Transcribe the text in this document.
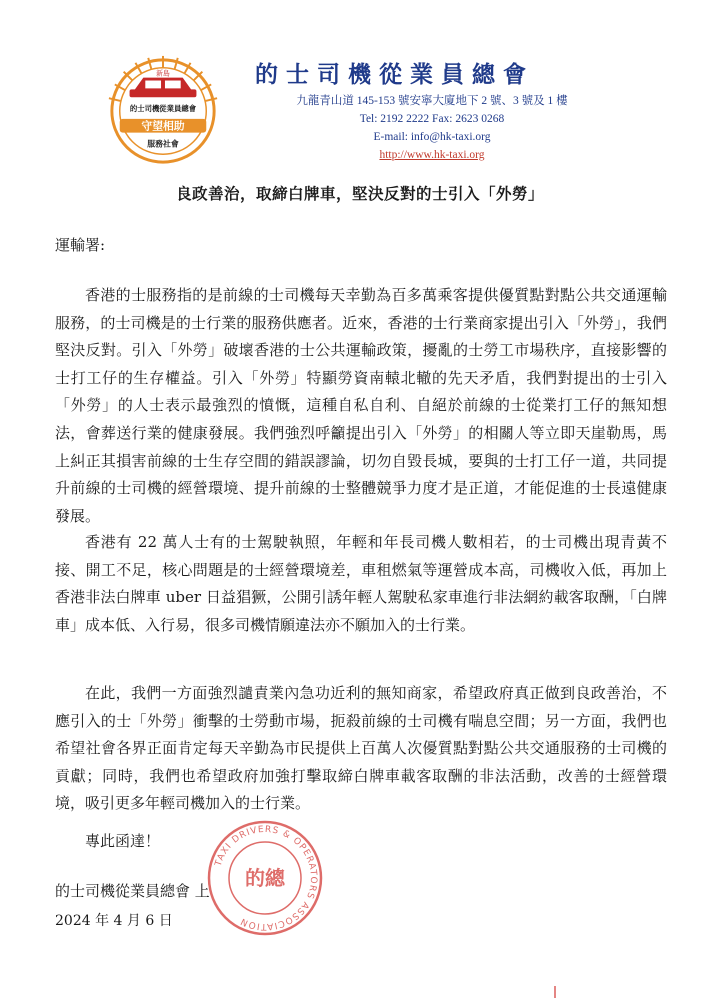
新島
的士司機從業員總會
守望相助
服務社會
的士司機從業員總會
九龍青山道 145-153 號安寧大廈地下 2 號、3 號及 1 樓
Tel: 2192 2222 Fax: 2623 0268
E-mail: info@hk-taxi.org
http://www.hk-taxi.org
良政善治，取締白牌車，堅決反對的士引入「外勞」
運輸署:

香港的士服務指的是前線的士司機每天幸勤為百多萬乘客提供優質點對點公共交通運輸服務，的士司機是的士行業的服務供應者。近來，香港的士行業商家提出引入「外勞」，我們堅決反對。引入「外勞」破壞香港的士公共運輸政策，擾亂的士勞工市場秩序，直接影響的士打工仔的生存權益。引入「外勞」特顯勞資南轅北轍的先天矛盾，我們對提出的士引入「外勞」的人士表示最強烈的憤慨，這種自私自利、自絕於前線的士從業打工仔的無知想法，會葬送行業的健康發展。我們強烈呼籲提出引入「外勞」的相關人等立即天崖勒馬，馬上糾正其損害前線的士生存空間的錯誤謬論，切勿自毀長城，要與的士打工仔一道，共同提升前線的士司機的經營環境、提升前線的士整體競爭力度才是正道，才能促進的士長遠健康發展。

香港有 22 萬人士有的士駕駛執照，年輕和年長司機人數相若，的士司機出現青黃不接、開工不足，核心問題是的士經營環境差，車租燃氣等運營成本高，司機收入低，再加上香港非法白牌車 uber 日益猖獗，公開引誘年輕人駕駛私家車進行非法網約載客取酬，「白牌車」成本低、入行易，很多司機情願違法亦不願加入的士行業。

在此，我們一方面強烈譴責業內急功近利的無知商家，希望政府真正做到良政善治，不應引入的士「外勞」衝擊的士勞動市場，扼殺前線的士司機有喘息空間；另一方面，我們也希望社會各界正面肯定每天辛勤為市民提供上百萬人次優質點對點公共交通服務的士司機的貢獻；同時，我們也希望政府加強打擊取締白牌車載客取酬的非法活動，改善的士經營環境，吸引更多年輕司機加入的士行業。

專此函達！
TAXI DRIVERS & OPERATORS ASSOCIATION
的總
的士司機從業員總會 上
2024 年 4 月 6 日
